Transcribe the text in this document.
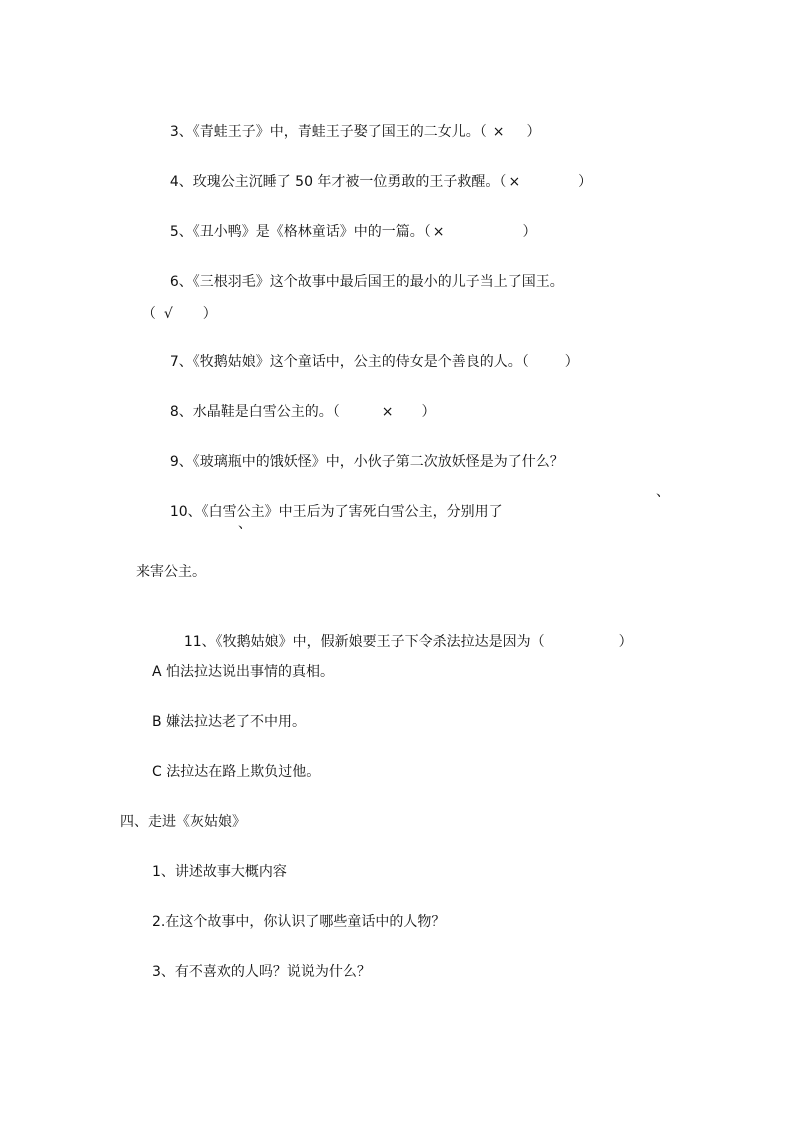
3、《青蛙王子》中，青蛙王子娶了国王的二女儿。（ × ）

4、玫瑰公主沉睡了 50 年才被一位勇敢的王子救醒。（ ×	）

5、《丑小鸭》是《格林童话》中的一篇。（ ×	）

6、《三根羽毛》这个故事中最后国王的最小的儿子当上了国王。

（ √ ）

7、《牧鹅姑娘》这个童话中，公主的侍女是个善良的人。（	）

8、水晶鞋是白雪公主的。（	× ）

9、《玻璃瓶中的饿妖怪》中，小伙子第二次放妖怪是为了什么？

10、《白雪公主》中王后为了害死白雪公主，分别用了

、
、
来害公主。

11、《牧鹅姑娘》中，假新娘要王子下令杀法拉达是因为（	）

A 怕法拉达说出事情的真相。
B 嫌法拉达老了不中用。
C 法拉达在路上欺负过他。
四、走进《灰姑娘》
1、讲述故事大概内容
2.在这个故事中，你认识了哪些童话中的人物？
3、有不喜欢的人吗？说说为什么？
